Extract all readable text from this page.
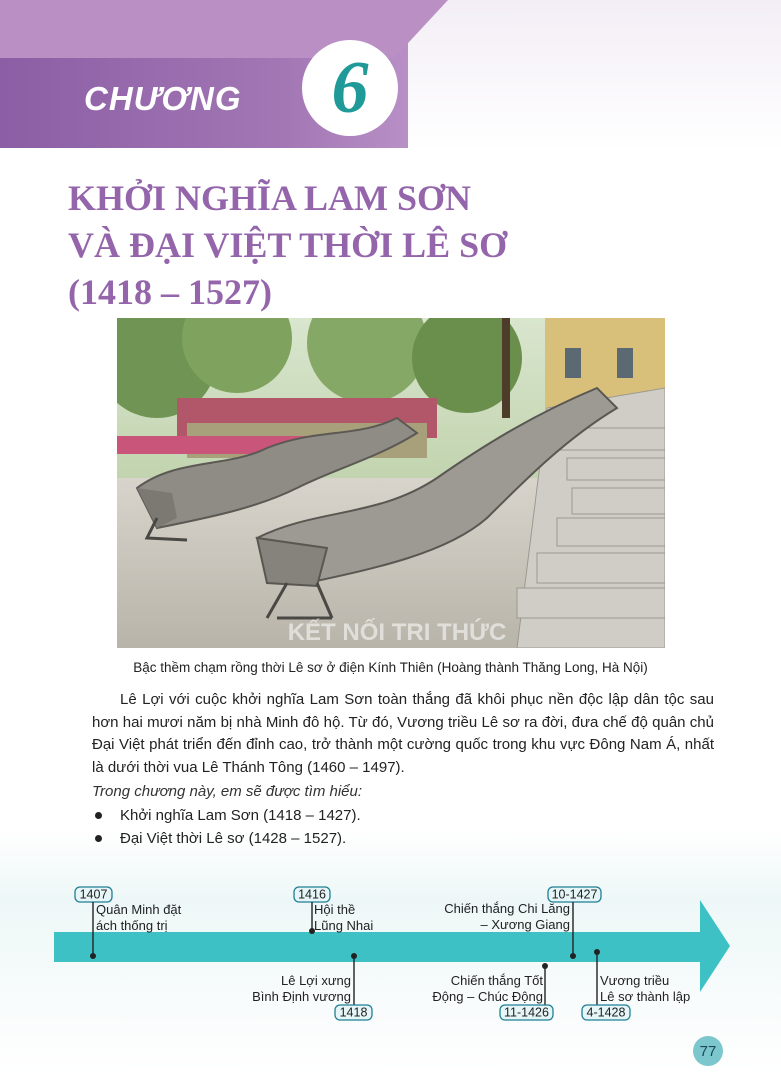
CHƯƠNG 6
KHỞI NGHĨA LAM SƠN
VÀ ĐẠI VIỆT THỜI LÊ SƠ
(1418 – 1527)
KẾT NỐI TRI THỨC
Bậc thềm chạm rồng thời Lê sơ ở điện Kính Thiên (Hoàng thành Thăng Long, Hà Nội)
Lê Lợi với cuộc khởi nghĩa Lam Sơn toàn thắng đã khôi phục nền độc lập dân tộc sau hơn hai mươi năm bị nhà Minh đô hộ. Từ đó, Vương triều Lê sơ ra đời, đưa chế độ quân chủ Đại Việt phát triển đến đỉnh cao, trở thành một cường quốc trong khu vực Đông Nam Á, nhất là dưới thời vua Lê Thánh Tông (1460 – 1497).
Trong chương này, em sẽ được tìm hiểu:
Khởi nghĩa Lam Sơn (1418 – 1427).
Đại Việt thời Lê sơ (1428 – 1527).
1407
Quân Minh đặt
ách thống trị
1416
Hội thề
Lũng Nhai
10-1427
Chiến thắng Chi Lăng
– Xương Giang
Lê Lợi xưng
Bình Định vương
1418
Chiến thắng Tốt
Động – Chúc Động
11-1426
Vương triều
Lê sơ thành lập
4-1428
77
